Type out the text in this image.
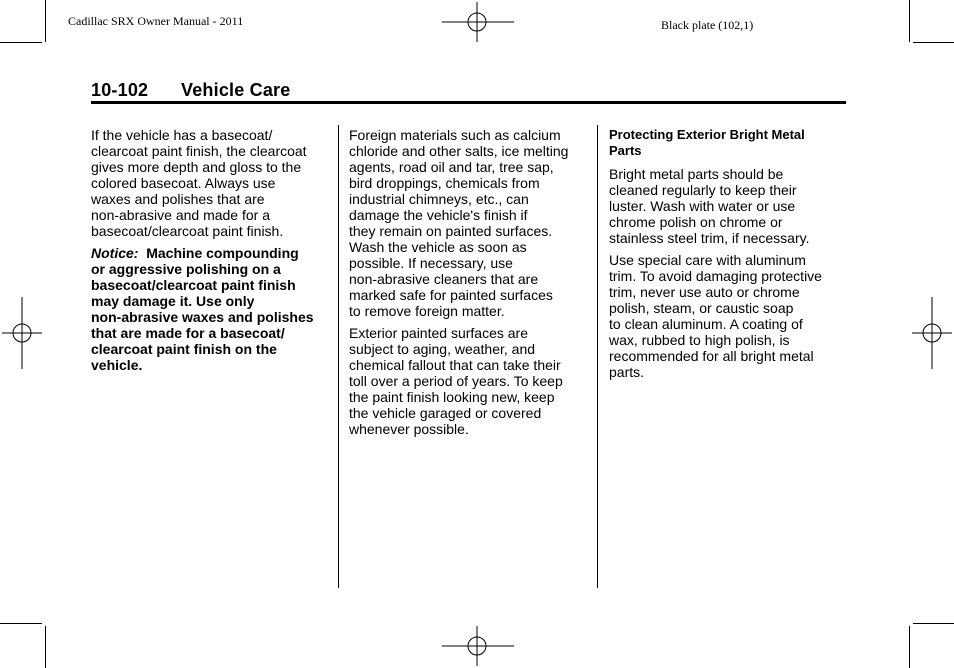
Cadillac SRX Owner Manual - 2011	Black plate (102,1)
10-102 Vehicle Care

If the vehicle has a basecoat/
clearcoat paint finish, the clearcoat
gives more depth and gloss to the
colored basecoat. Always use
waxes and polishes that are
non-abrasive and made for a
basecoat/clearcoat paint finish.

Notice: Machine compounding
or aggressive polishing on a
basecoat/clearcoat paint finish
may damage it. Use only
non-abrasive waxes and polishes
that are made for a basecoat/
clearcoat paint finish on the
vehicle.

Foreign materials such as calcium
chloride and other salts, ice melting
agents, road oil and tar, tree sap,
bird droppings, chemicals from
industrial chimneys, etc., can
damage the vehicle's finish if
they remain on painted surfaces.
Wash the vehicle as soon as
possible. If necessary, use
non-abrasive cleaners that are
marked safe for painted surfaces
to remove foreign matter.

Exterior painted surfaces are
subject to aging, weather, and
chemical fallout that can take their
toll over a period of years. To keep
the paint finish looking new, keep
the vehicle garaged or covered
whenever possible.

Protecting Exterior Bright Metal
Parts

Bright metal parts should be
cleaned regularly to keep their
luster. Wash with water or use
chrome polish on chrome or
stainless steel trim, if necessary.

Use special care with aluminum
trim. To avoid damaging protective
trim, never use auto or chrome
polish, steam, or caustic soap
to clean aluminum. A coating of
wax, rubbed to high polish, is
recommended for all bright metal
parts.
